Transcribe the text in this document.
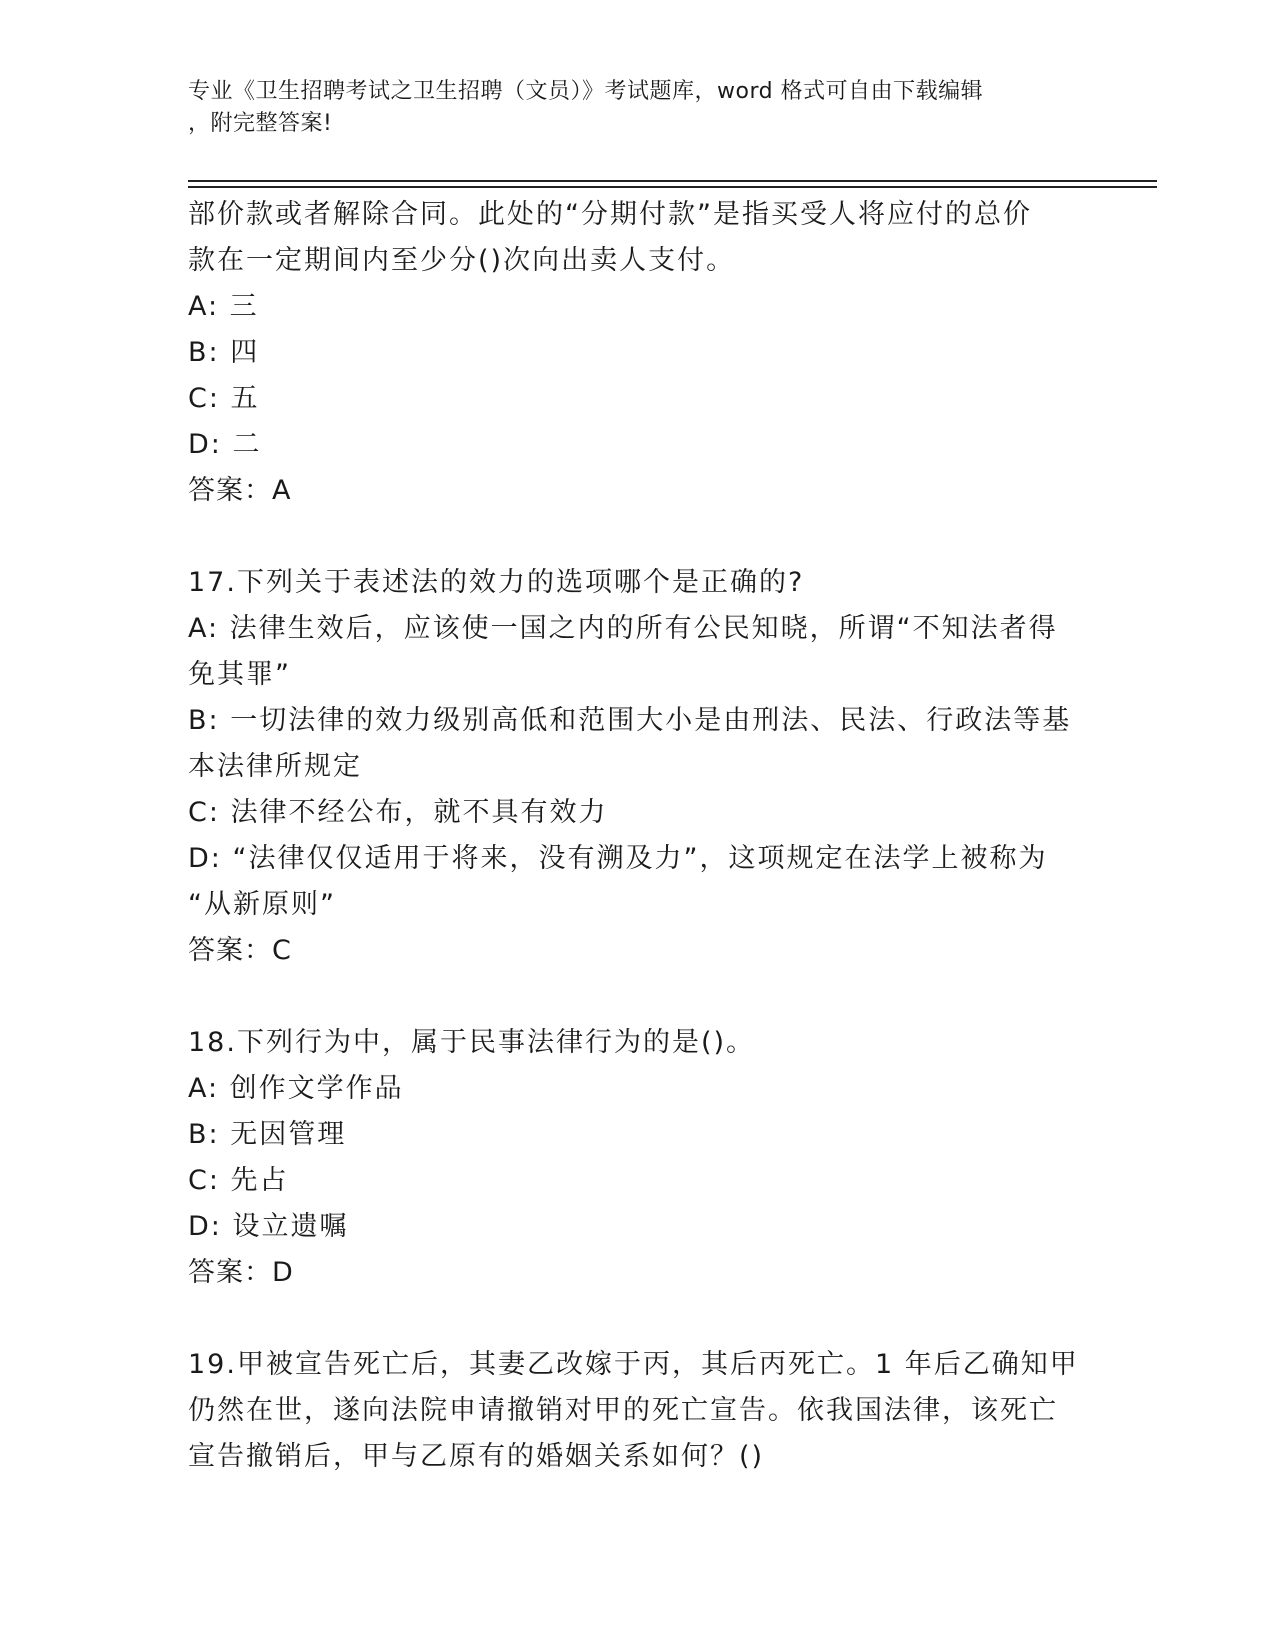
专业《卫生招聘考试之卫生招聘（文员）》考试题库，word 格式可自由下载编辑
，附完整答案!
部价款或者解除合同。此处的“分期付款”是指买受人将应付的总价
款在一定期间内至少分()次向出卖人支付。
A: 三
B: 四
C: 五
D: 二
答案：A
17.下列关于表述法的效力的选项哪个是正确的?
A: 法律生效后，应该使一国之内的所有公民知晓，所谓“不知法者得
免其罪”
B: 一切法律的效力级别高低和范围大小是由刑法、民法、行政法等基
本法律所规定
C: 法律不经公布，就不具有效力
D: “法律仅仅适用于将来，没有溯及力”，这项规定在法学上被称为
“从新原则”
答案：C
18.下列行为中，属于民事法律行为的是()。
A: 创作文学作品
B: 无因管理
C: 先占
D: 设立遗嘱
答案：D
19.甲被宣告死亡后，其妻乙改嫁于丙，其后丙死亡。1 年后乙确知甲
仍然在世，遂向法院申请撤销对甲的死亡宣告。依我国法律，该死亡
宣告撤销后，甲与乙原有的婚姻关系如何？()
